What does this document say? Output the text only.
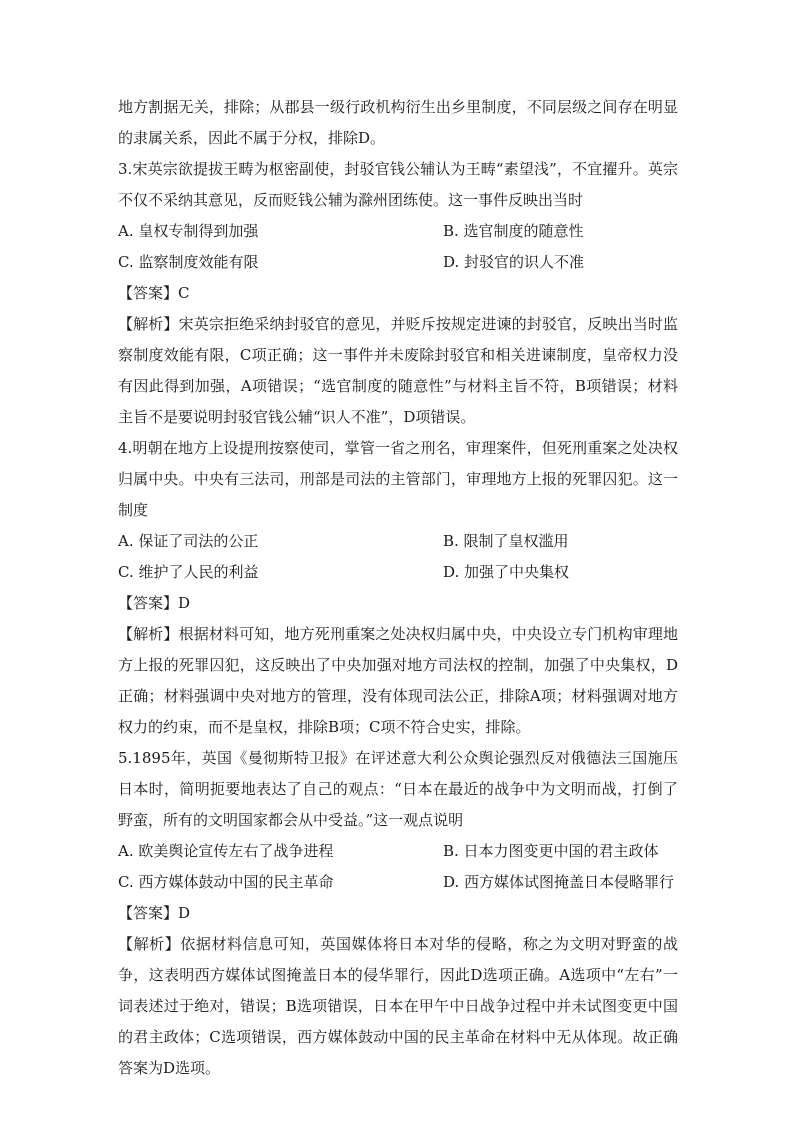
地方割据无关，排除；从郡县一级行政机构衍生出乡里制度，不同层级之间存在明显的隶属关系，因此不属于分权，排除D。

3.宋英宗欲提拔王畴为枢密副使，封驳官钱公辅认为王畴“素望浅”，不宜擢升。英宗不仅不采纳其意见，反而贬钱公辅为滁州团练使。这一事件反映出当时

A. 皇权专制得到加强	B. 选官制度的随意性
C. 监察制度效能有限	D. 封驳官的识人不准

【答案】C

【解析】宋英宗拒绝采纳封驳官的意见，并贬斥按规定进谏的封驳官，反映出当时监察制度效能有限，C项正确；这一事件并未废除封驳官和相关进谏制度，皇帝权力没有因此得到加强，A项错误；“选官制度的随意性”与材料主旨不符，B项错误；材料主旨不是要说明封驳官钱公辅“识人不准”，D项错误。

4.明朝在地方上设提刑按察使司，掌管一省之刑名，审理案件，但死刑重案之处决权归属中央。中央有三法司，刑部是司法的主管部门，审理地方上报的死罪囚犯。这一制度

A. 保证了司法的公正	B. 限制了皇权滥用
C. 维护了人民的利益	D. 加强了中央集权

【答案】D

【解析】根据材料可知，地方死刑重案之处决权归属中央，中央设立专门机构审理地方上报的死罪囚犯，这反映出了中央加强对地方司法权的控制，加强了中央集权，D正确；材料强调中央对地方的管理，没有体现司法公正，排除A项；材料强调对地方权力的约束，而不是皇权，排除B项；C项不符合史实，排除。

5.1895年，英国《曼彻斯特卫报》在评述意大利公众舆论强烈反对俄德法三国施压日本时，简明扼要地表达了自己的观点：“日本在最近的战争中为文明而战，打倒了野蛮，所有的文明国家都会从中受益。”这一观点说明

A. 欧美舆论宣传左右了战争进程	B. 日本力图变更中国的君主政体
C. 西方媒体鼓动中国的民主革命	D. 西方媒体试图掩盖日本侵略罪行

【答案】D

【解析】依据材料信息可知，英国媒体将日本对华的侵略，称之为文明对野蛮的战争，这表明西方媒体试图掩盖日本的侵华罪行，因此D选项正确。A选项中“左右”一词表述过于绝对，错误；B选项错误，日本在甲午中日战争过程中并未试图变更中国的君主政体；C选项错误，西方媒体鼓动中国的民主革命在材料中无从体现。故正确答案为D选项。
